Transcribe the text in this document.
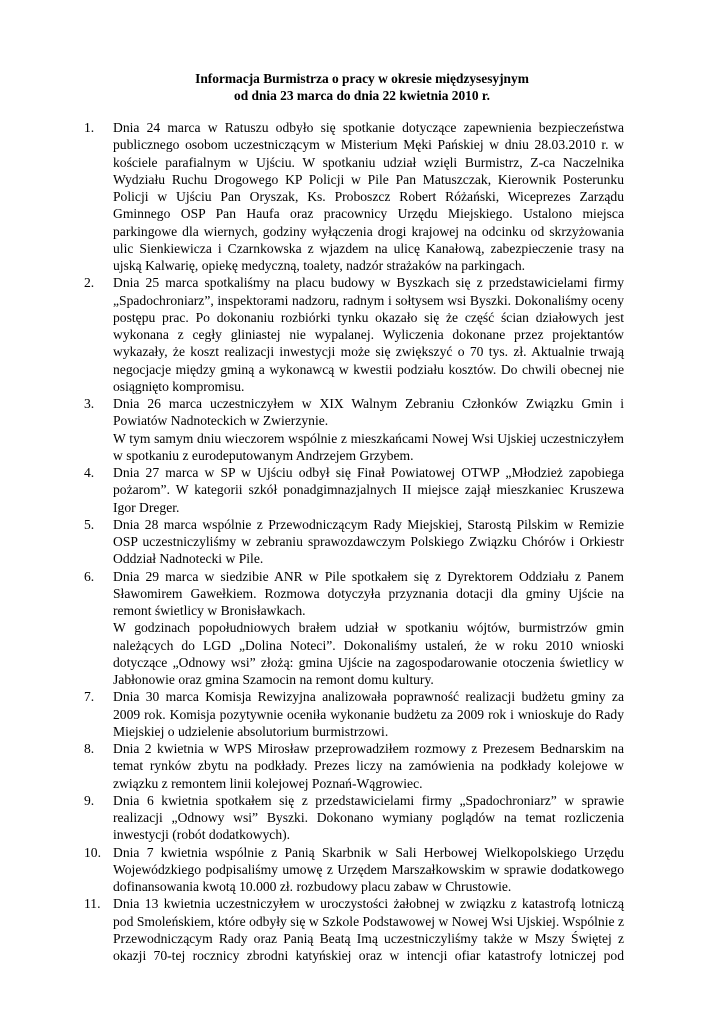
Informacja Burmistrza o pracy w okresie międzysesyjnym
od dnia 23 marca do dnia 22 kwietnia 2010 r.
1.	Dnia 24 marca w Ratuszu odbyło się spotkanie dotyczące zapewnienia bezpieczeństwa publicznego osobom uczestniczącym w Misterium Męki Pańskiej w dniu 28.03.2010 r. w kościele parafialnym w Ujściu. W spotkaniu udział wzięli Burmistrz, Z-ca Naczelnika Wydziału Ruchu Drogowego KP Policji w Pile Pan Matuszczak, Kierownik Posterunku Policji w Ujściu Pan Oryszak, Ks. Proboszcz Robert Różański, Wiceprezes Zarządu Gminnego OSP Pan Haufa oraz pracownicy Urzędu Miejskiego. Ustalono miejsca parkingowe dla wiernych, godziny wyłączenia drogi krajowej na odcinku od skrzyżowania ulic Sienkiewicza i Czarnkowska z wjazdem na ulicę Kanałową, zabezpieczenie trasy na ujską Kalwarię, opiekę medyczną, toalety, nadzór strażaków na parkingach.
2.	Dnia 25 marca spotkaliśmy na placu budowy w Byszkach się z przedstawicielami firmy „Spadochroniarz”, inspektorami nadzoru, radnym i sołtysem wsi Byszki. Dokonaliśmy oceny postępu prac. Po dokonaniu rozbiórki tynku okazało się że część ścian działowych jest wykonana z cegły gliniastej nie wypalanej. Wyliczenia dokonane przez projektantów wykazały, że koszt realizacji inwestycji może się zwiększyć o 70 tys. zł. Aktualnie trwają negocjacje między gminą a wykonawcą w kwestii podziału kosztów. Do chwili obecnej nie osiągnięto kompromisu.
3.	Dnia 26 marca uczestniczyłem w XIX Walnym Zebraniu Członków Związku Gmin i Powiatów Nadnoteckich w Zwierzynie.
W tym samym dniu wieczorem wspólnie z mieszkańcami Nowej Wsi Ujskiej uczestniczyłem w spotkaniu z eurodeputowanym Andrzejem Grzybem.
4.	Dnia 27 marca w SP w Ujściu odbył się Finał Powiatowej OTWP „Młodzież zapobiega pożarom”. W kategorii szkół ponadgimnazjalnych II miejsce zajął mieszkaniec Kruszewa Igor Dreger.
5.	Dnia 28 marca wspólnie z Przewodniczącym Rady Miejskiej, Starostą Pilskim w Remizie OSP uczestniczyliśmy w zebraniu sprawozdawczym Polskiego Związku Chórów i Orkiestr Oddział Nadnotecki w Pile.
6.	Dnia 29 marca w siedzibie ANR w Pile spotkałem się z Dyrektorem Oddziału z Panem Sławomirem Gawełkiem. Rozmowa dotyczyła przyznania dotacji dla gminy Ujście na remont świetlicy w Bronisławkach.
W godzinach popołudniowych brałem udział w spotkaniu wójtów, burmistrzów gmin należących do LGD „Dolina Noteci”. Dokonaliśmy ustaleń, że w roku 2010 wnioski dotyczące „Odnowy wsi” złożą: gmina Ujście na zagospodarowanie otoczenia świetlicy w Jabłonowie oraz gmina Szamocin na remont domu kultury.
7.	Dnia 30 marca Komisja Rewizyjna analizowała poprawność realizacji budżetu gminy za 2009 rok. Komisja pozytywnie oceniła wykonanie budżetu za 2009 rok i wnioskuje do Rady Miejskiej o udzielenie absolutorium burmistrzowi.
8.	Dnia 2 kwietnia w WPS Mirosław przeprowadziłem rozmowy z Prezesem Bednarskim na temat rynków zbytu na podkłady. Prezes liczy na zamówienia na podkłady kolejowe w związku z remontem linii kolejowej Poznań-Wągrowiec.
9.	Dnia 6 kwietnia spotkałem się z przedstawicielami firmy „Spadochroniarz” w sprawie realizacji „Odnowy wsi” Byszki. Dokonano wymiany poglądów na temat rozliczenia inwestycji (robót dodatkowych).
10. Dnia 7 kwietnia wspólnie z Panią Skarbnik w Sali Herbowej Wielkopolskiego Urzędu Wojewódzkiego podpisaliśmy umowę z Urzędem Marszałkowskim w sprawie dodatkowego dofinansowania kwotą 10.000 zł. rozbudowy placu zabaw w Chrustowie.
11. Dnia 13 kwietnia uczestniczyłem w uroczystości żałobnej w związku z katastrofą lotniczą pod Smoleńskiem, które odbyły się w Szkole Podstawowej w Nowej Wsi Ujskiej. Wspólnie z Przewodniczącym Rady oraz Panią Beatą Imą uczestniczyliśmy także w Mszy Świętej z okazji 70-tej rocznicy zbrodni katyńskiej oraz w intencji ofiar katastrofy lotniczej pod
